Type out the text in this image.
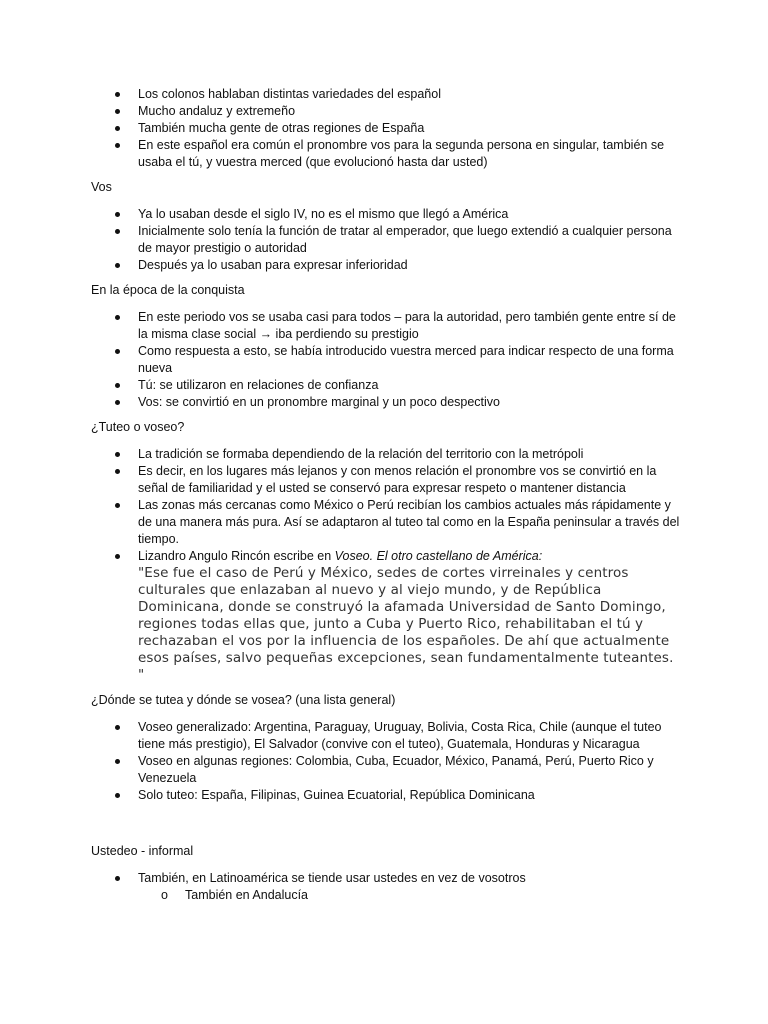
Los colonos hablaban distintas variedades del español
Mucho andaluz y extremeño
También mucha gente de otras regiones de España
En este español era común el pronombre vos para la segunda persona en singular, también se usaba el tú, y vuestra merced (que evolucionó hasta dar usted)
Vos
Ya lo usaban desde el siglo IV, no es el mismo que llegó a América
Inicialmente solo tenía la función de tratar al emperador, que luego extendió a cualquier persona de mayor prestigio o autoridad
Después ya lo usaban para expresar inferioridad
En la época de la conquista
En este periodo vos se usaba casi para todos – para la autoridad, pero también gente entre sí de la misma clase social → iba perdiendo su prestigio
Como respuesta a esto, se había introducido vuestra merced para indicar respecto de una forma nueva
Tú: se utilizaron en relaciones de confianza
Vos: se convirtió en un pronombre marginal y un poco despectivo
¿Tuteo o voseo?
La tradición se formaba dependiendo de la relación del territorio con la metrópoli
Es decir, en los lugares más lejanos y con menos relación el pronombre vos se convirtió en la señal de familiaridad y el usted se conservó para expresar respeto o mantener distancia
Las zonas más cercanas como México o Perú recibían los cambios actuales más rápidamente y de una manera más pura. Así se adaptaron al tuteo tal como en la España peninsular a través del tiempo.
Lizandro Angulo Rincón escribe en Voseo. El otro castellano de América:
"Ese fue el caso de Perú y México, sedes de cortes virreinales y centros culturales que enlazaban al nuevo y al viejo mundo, y de República Dominicana, donde se construyó la afamada Universidad de Santo Domingo, regiones todas ellas que, junto a Cuba y Puerto Rico, rehabilitaban el tú y rechazaban el vos por la influencia de los españoles. De ahí que actualmente esos países, salvo pequeñas excepciones, sean fundamentalmente tuteantes. "
¿Dónde se tutea y dónde se vosea? (una lista general)
Voseo generalizado: Argentina, Paraguay, Uruguay, Bolivia, Costa Rica, Chile (aunque el tuteo tiene más prestigio), El Salvador (convive con el tuteo), Guatemala, Honduras y Nicaragua
Voseo en algunas regiones: Colombia, Cuba, Ecuador, México, Panamá, Perú, Puerto Rico y Venezuela
Solo tuteo: España, Filipinas, Guinea Ecuatorial, República Dominicana
Ustedeo - informal
También, en Latinoamérica se tiende usar ustedes en vez de vosotros
o También en Andalucía
